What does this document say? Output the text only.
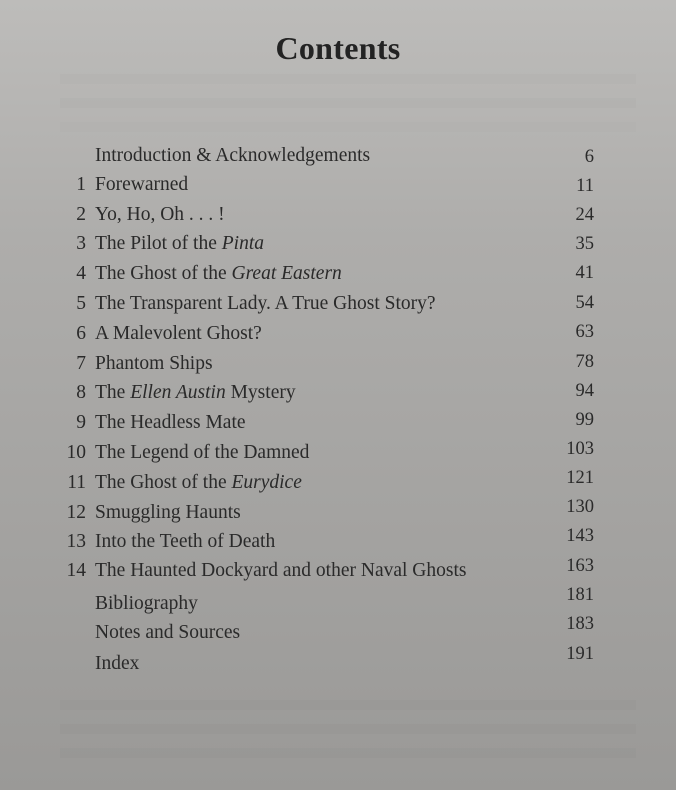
Contents
Introduction & Acknowledgements	6
1 Forewarned	11
2 Yo, Ho, Oh . . . !	24
3 The Pilot of the Pinta	35
4 The Ghost of the Great Eastern	41
5 The Transparent Lady. A True Ghost Story?	54
6 A Malevolent Ghost?	63
7 Phantom Ships	78
8 The Ellen Austin Mystery	94
9 The Headless Mate	99
10 The Legend of the Damned	103
11 The Ghost of the Eurydice	121
12 Smuggling Haunts	130
13 Into the Teeth of Death	143
14 The Haunted Dockyard and other Naval Ghosts	163
Bibliography	181
Notes and Sources	183
Index	191
